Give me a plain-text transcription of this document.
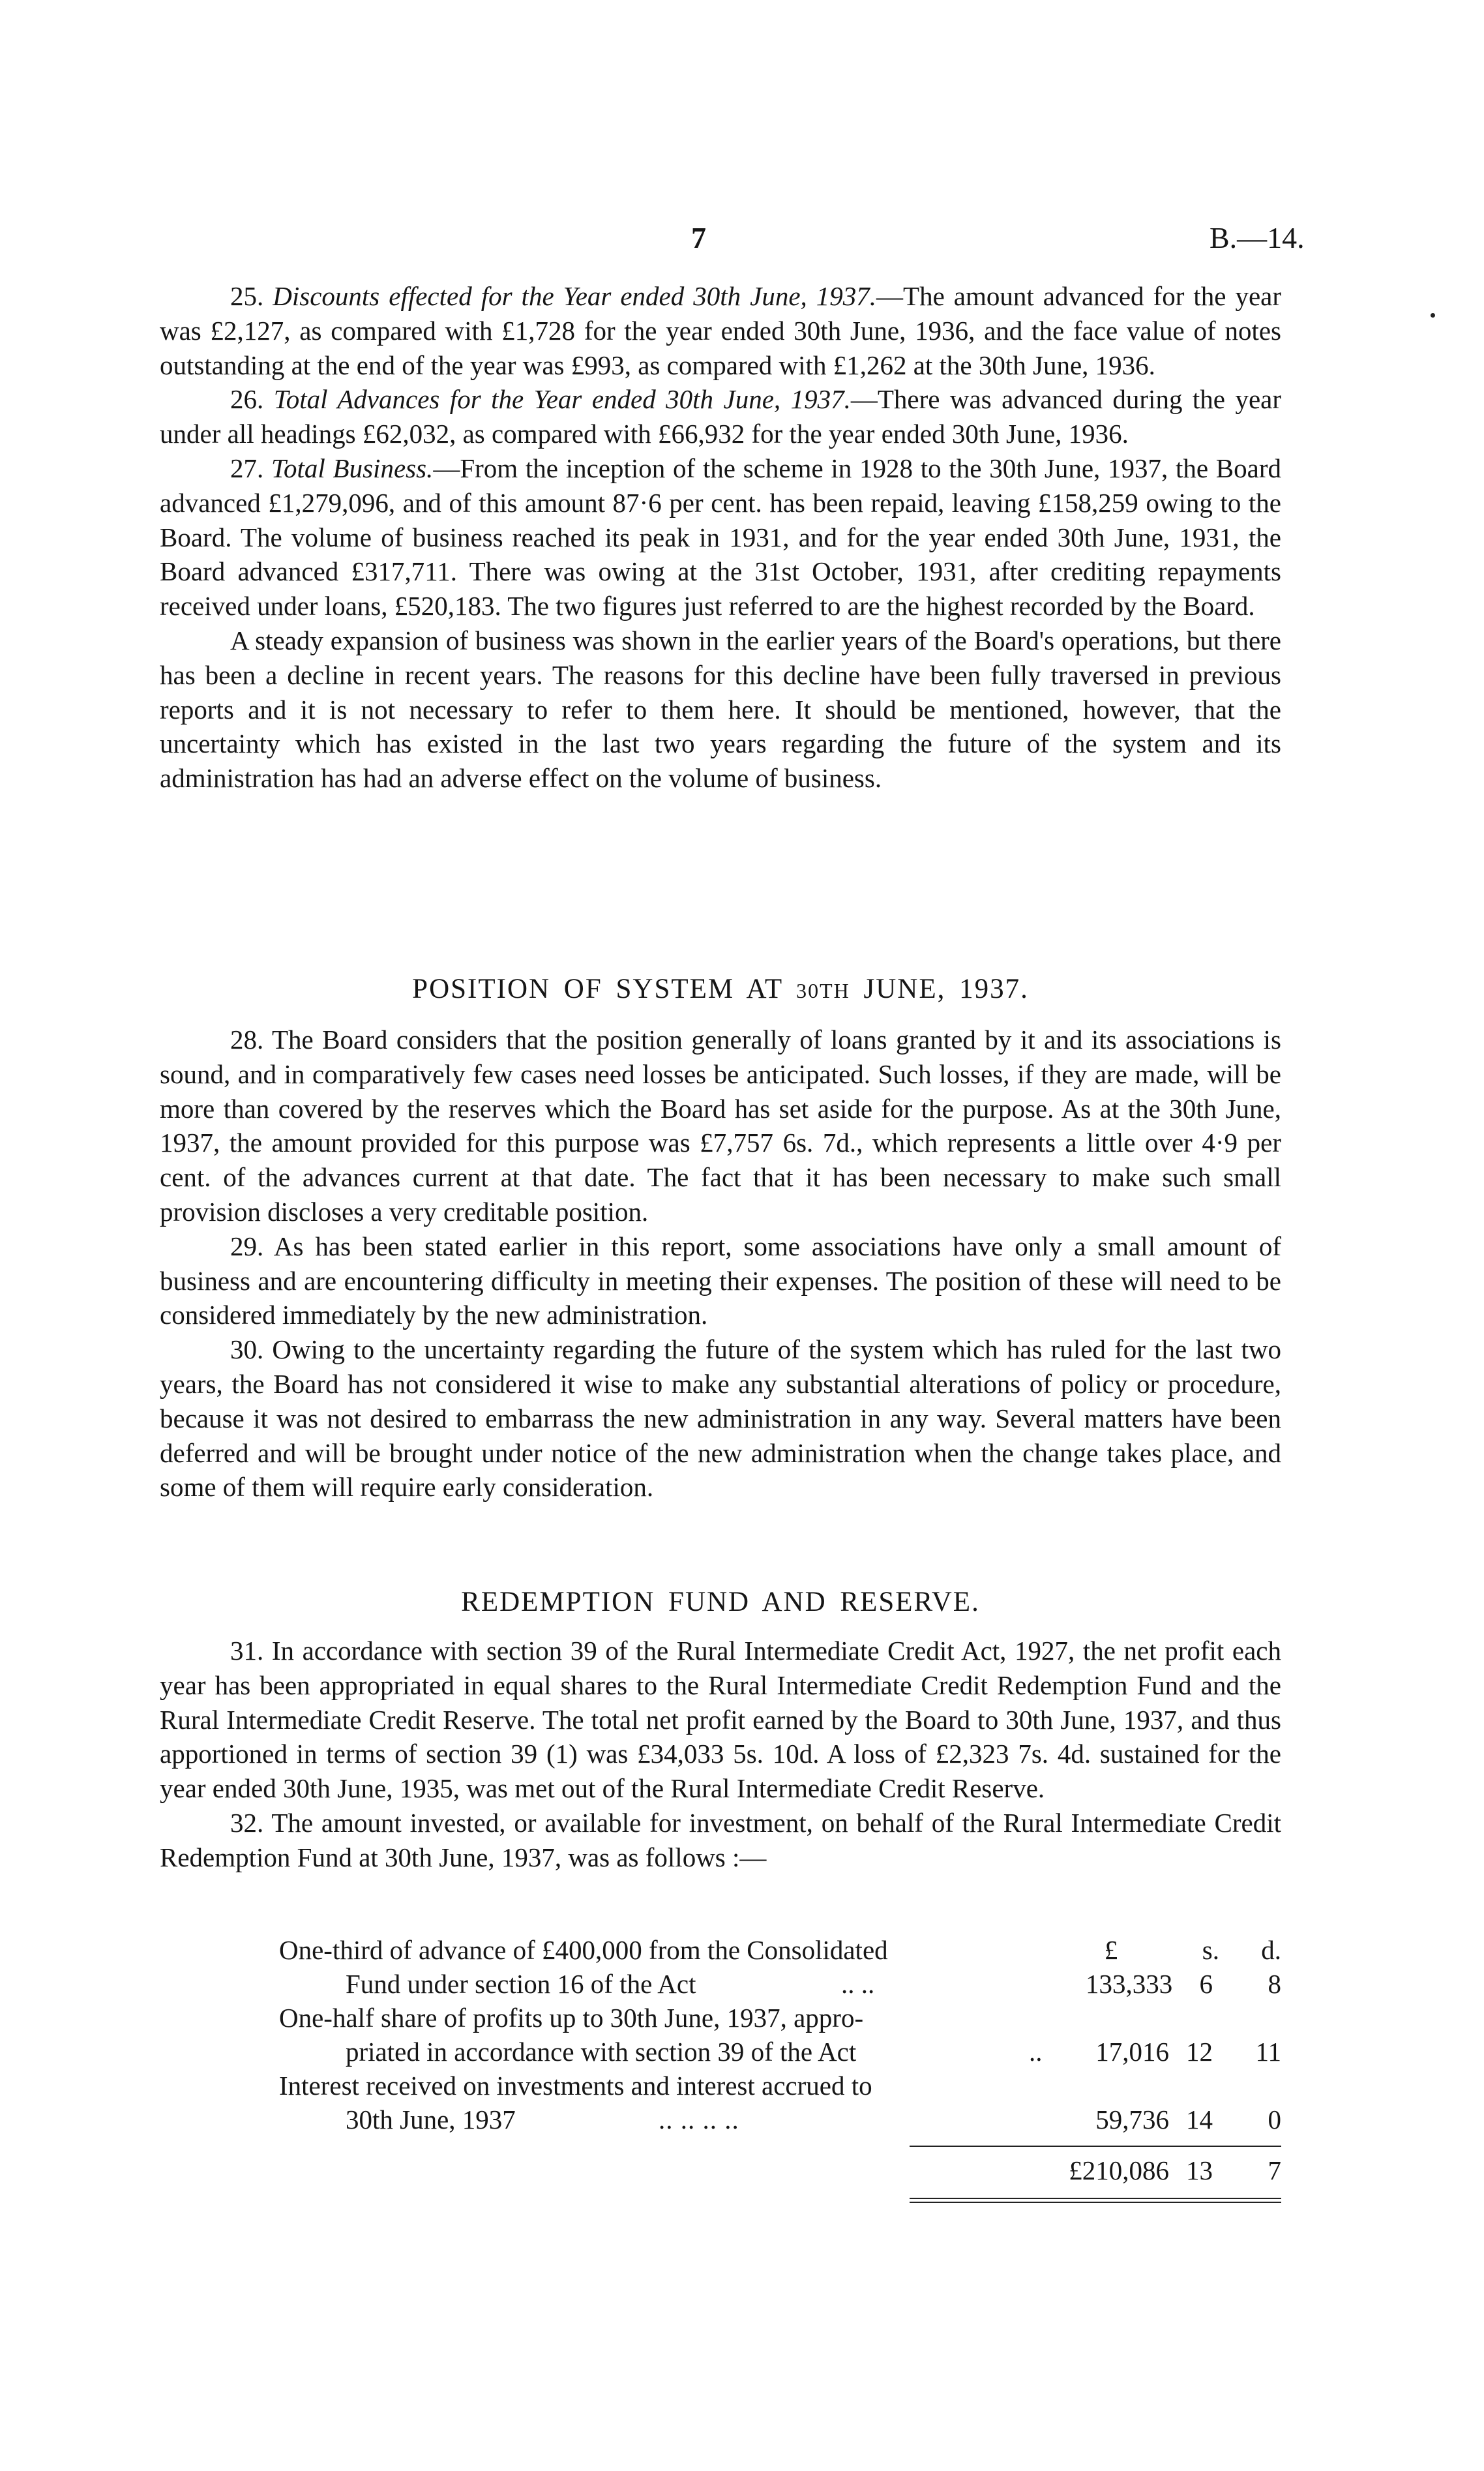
7	B.—14.

25. Discounts effected for the Year ended 30th June, 1937.—The amount advanced for the year was £2,127, as compared with £1,728 for the year ended 30th June, 1936, and the face value of notes outstanding at the end of the year was £993, as compared with £1,262 at the 30th June, 1936.

26. Total Advances for the Year ended 30th June, 1937.—There was advanced during the year under all headings £62,032, as compared with £66,932 for the year ended 30th June, 1936.

27. Total Business.—From the inception of the scheme in 1928 to the 30th June, 1937, the Board advanced £1,279,096, and of this amount 87·6 per cent. has been repaid, leaving £158,259 owing to the Board. The volume of business reached its peak in 1931, and for the year ended 30th June, 1931, the Board advanced £317,711. There was owing at the 31st October, 1931, after crediting repayments received under loans, £520,183. The two figures just referred to are the highest recorded by the Board.

A steady expansion of business was shown in the earlier years of the Board's operations, but there has been a decline in recent years. The reasons for this decline have been fully traversed in previous reports and it is not necessary to refer to them here. It should be mentioned, however, that the uncertainty which has existed in the last two years regarding the future of the system and its administration has had an adverse effect on the volume of business.

POSITION OF SYSTEM AT 30TH JUNE, 1937.

28. The Board considers that the position generally of loans granted by it and its associations is sound, and in comparatively few cases need losses be anticipated. Such losses, if they are made, will be more than covered by the reserves which the Board has set aside for the purpose. As at the 30th June, 1937, the amount provided for this purpose was £7,757 6s. 7d., which represents a little over 4·9 per cent. of the advances current at that date. The fact that it has been necessary to make such small provision discloses a very creditable position.

29. As has been stated earlier in this report, some associations have only a small amount of business and are encountering difficulty in meeting their expenses. The position of these will need to be considered immediately by the new administration.

30. Owing to the uncertainty regarding the future of the system which has ruled for the last two years, the Board has not considered it wise to make any substantial alterations of policy or procedure, because it was not desired to embarrass the new administration in any way. Several matters have been deferred and will be brought under notice of the new administration when the change takes place, and some of them will require early consideration.

REDEMPTION FUND AND RESERVE.

31. In accordance with section 39 of the Rural Intermediate Credit Act, 1927, the net profit each year has been appropriated in equal shares to the Rural Intermediate Credit Redemption Fund and the Rural Intermediate Credit Reserve. The total net profit earned by the Board to 30th June, 1937, and thus apportioned in terms of section 39 (1) was £34,033 5s. 10d. A loss of £2,323 7s. 4d. sustained for the year ended 30th June, 1935, was met out of the Rural Intermediate Credit Reserve.

32. The amount invested, or available for investment, on behalf of the Rural Intermediate Credit Redemption Fund at 30th June, 1937, was as follows :—

One-third of advance of £400,000 from the Consolidated	£	s.	d.
Fund under section 16 of the Act	.. ..	133,333	6	8
One-half share of profits up to 30th June, 1937, appro-
priated in accordance with section 39 of the Act	..	17,016 12 11
Interest received on investments and interest accrued to
30th June, 1937	.. .. .. ..	59,736 14	0
£210,086 13	7
